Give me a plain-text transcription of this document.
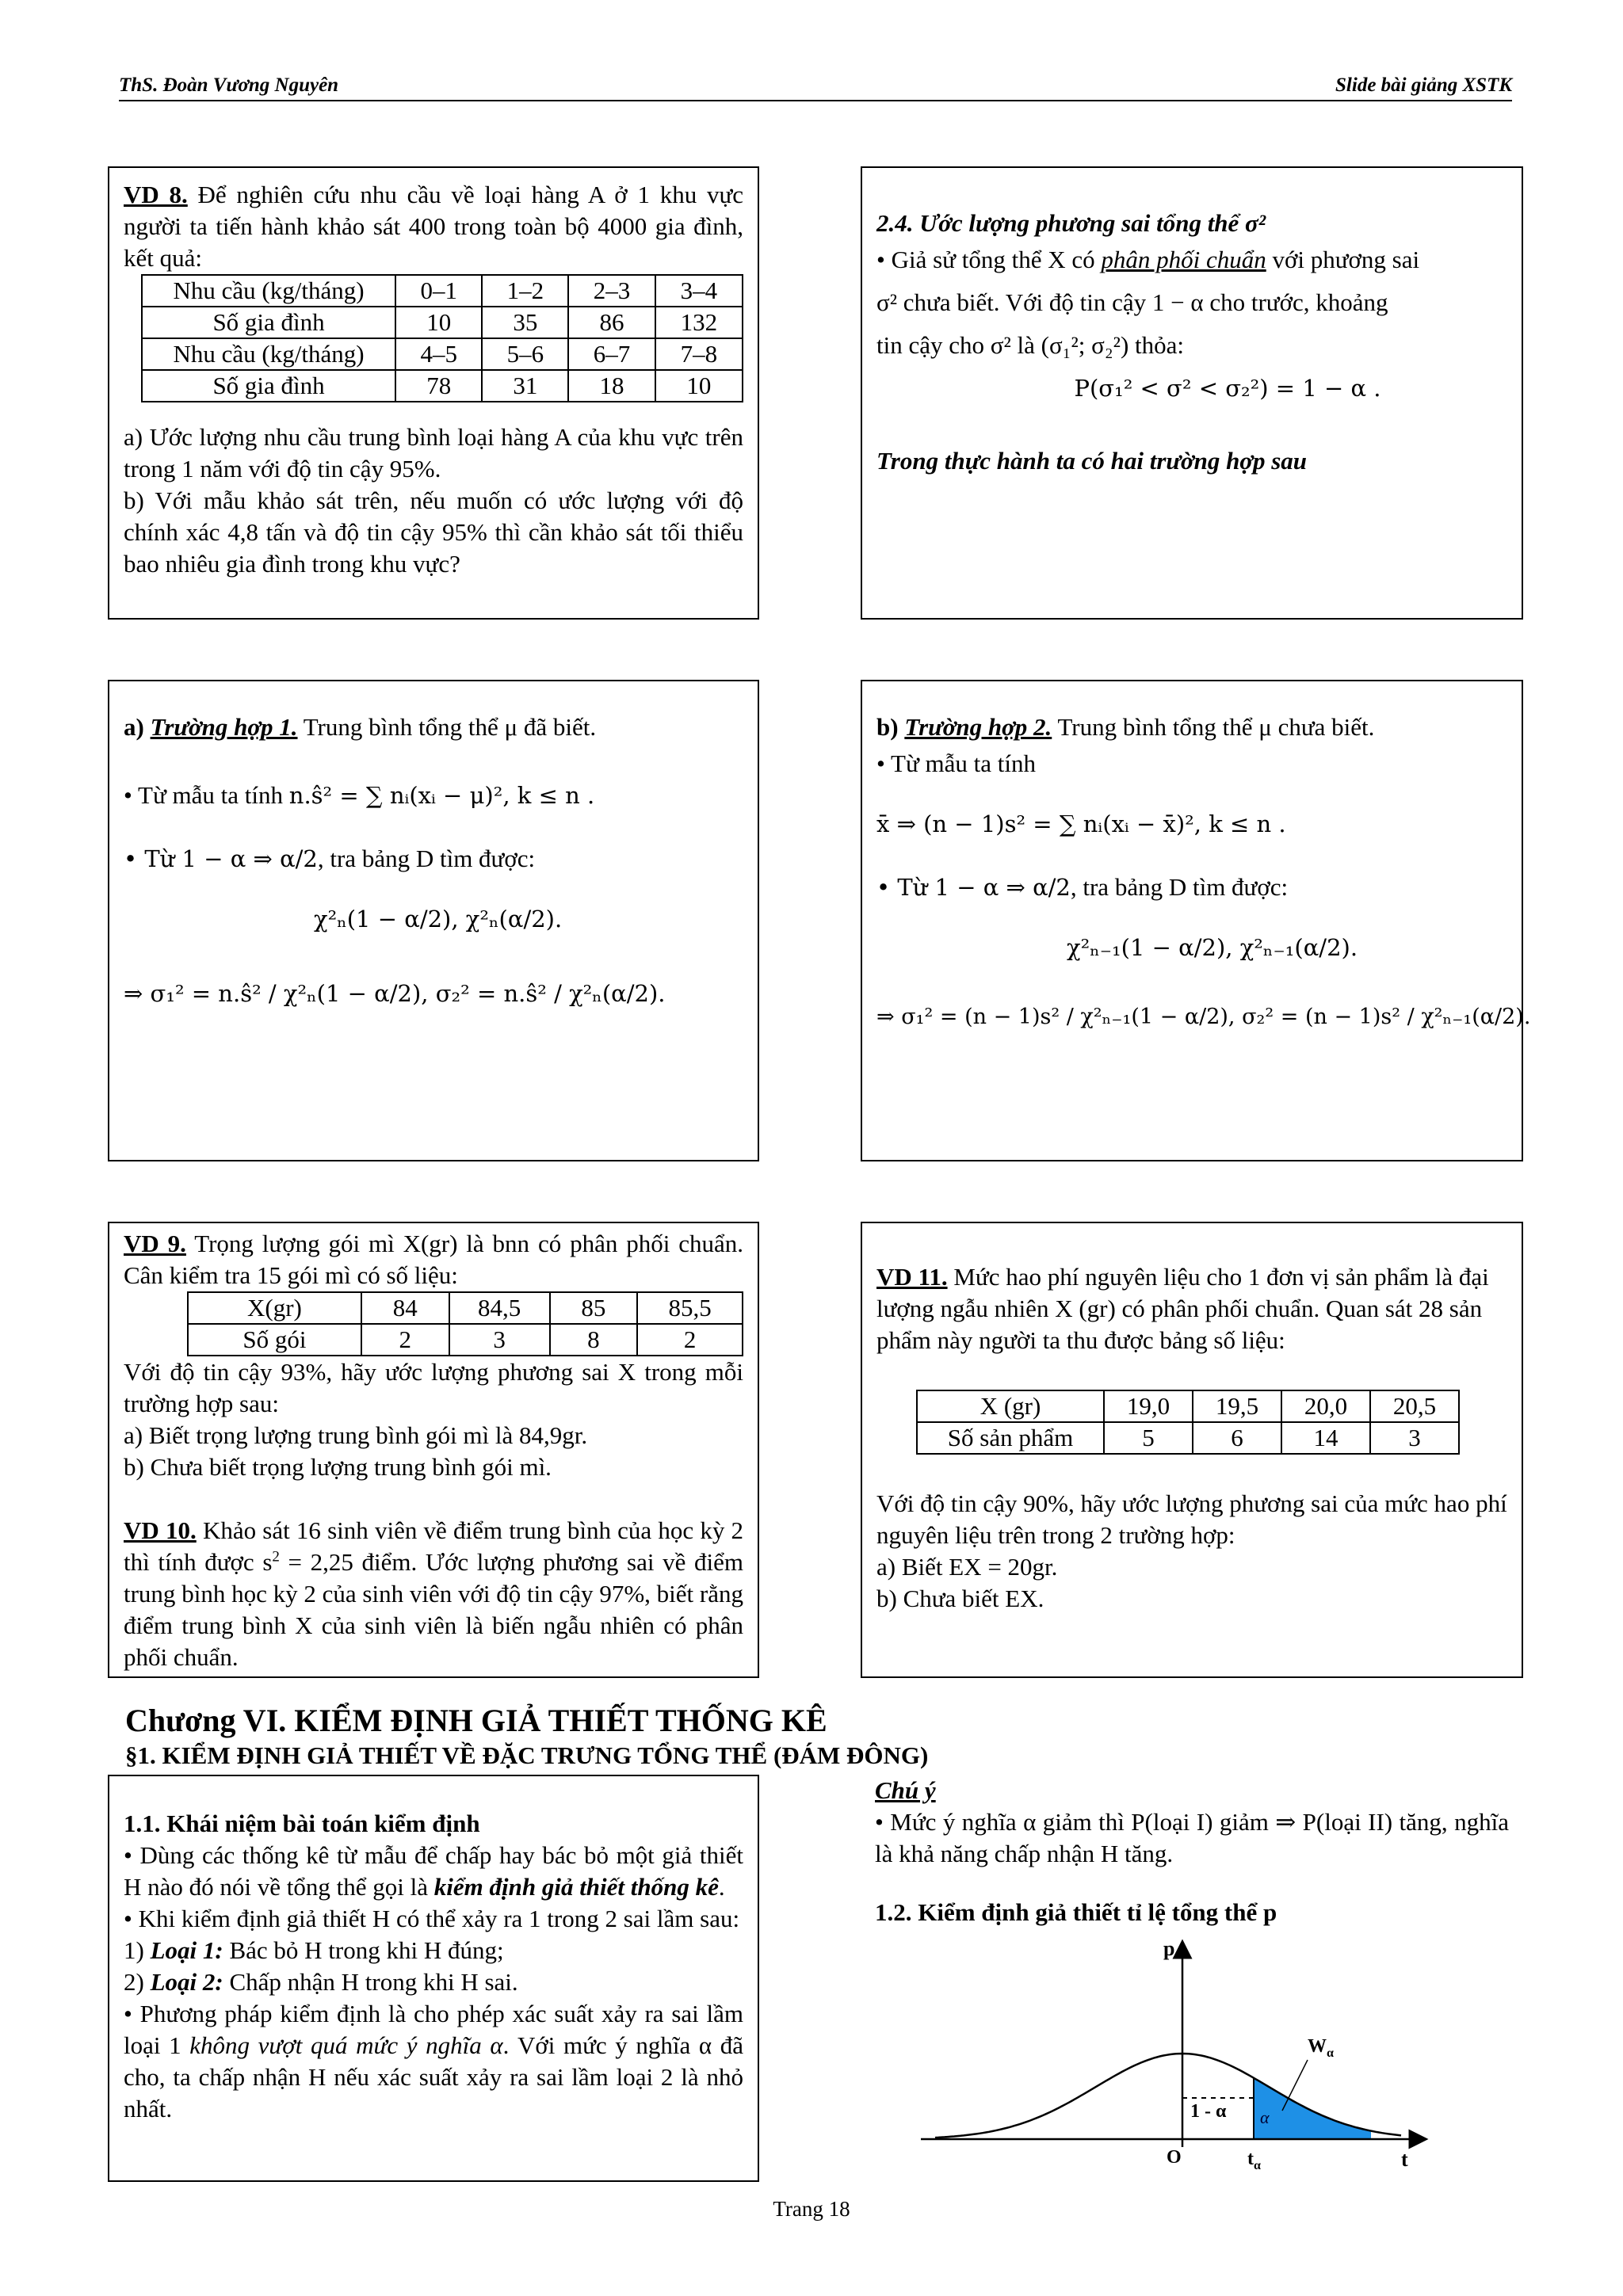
ThS. Đoàn Vương Nguyên	Slide bài giảng XSTK
VD 8. Để nghiên cứu nhu cầu về loại hàng A ở 1 khu vực người ta tiến hành khảo sát 400 trong toàn bộ 4000 gia đình, kết quả:
Nhu cầu (kg/tháng)	0–1	1–2	2–3	3–4
Số gia đình	10	35	86	132
Nhu cầu (kg/tháng)	4–5	5–6	6–7	7–8
Số gia đình	78	31	18	10
a) Ước lượng nhu cầu trung bình loại hàng A của khu vực trên trong 1 năm với độ tin cậy 95%.
b) Với mẫu khảo sát trên, nếu muốn có ước lượng với độ chính xác 4,8 tấn và độ tin cậy 95% thì cần khảo sát tối thiểu bao nhiêu gia đình trong khu vực?
2.4. Ước lượng phương sai tổng thể σ²
• Giả sử tổng thể X có phân phối chuẩn với phương sai
σ² chưa biết. Với độ tin cậy 1 − α cho trước, khoảng
tin cậy cho σ² là (σ₁²; σ₂²) thỏa:
P(σ₁² < σ² < σ₂²) = 1 − α .
Trong thực hành ta có hai trường hợp sau
a) Trường hợp 1. Trung bình tổng thể μ đã biết.
• Từ mẫu ta tính n.ŝ² = ∑ nᵢ(xᵢ − μ)², k ≤ n .
• Từ 1 − α ⇒ α/2, tra bảng D tìm được:
χ²ₙ(1 − α/2), χ²ₙ(α/2).
⇒ σ₁² = n.ŝ² / χ²ₙ(1 − α/2), σ₂² = n.ŝ² / χ²ₙ(α/2).
b) Trường hợp 2. Trung bình tổng thể μ chưa biết.
• Từ mẫu ta tính
x̄ ⇒ (n − 1)s² = ∑ nᵢ(xᵢ − x̄)², k ≤ n .
• Từ 1 − α ⇒ α/2, tra bảng D tìm được:
χ²ₙ₋₁(1 − α/2), χ²ₙ₋₁(α/2).
⇒ σ₁² = (n − 1)s² / χ²ₙ₋₁(1 − α/2), σ₂² = (n − 1)s² / χ²ₙ₋₁(α/2).
VD 9. Trọng lượng gói mì X(gr) là bnn có phân phối chuẩn. Cân kiểm tra 15 gói mì có số liệu:
X(gr)	84	84,5	85	85,5
Số gói	2	3	8	2
Với độ tin cậy 93%, hãy ước lượng phương sai X trong mỗi trường hợp sau:
a) Biết trọng lượng trung bình gói mì là 84,9gr.
b) Chưa biết trọng lượng trung bình gói mì.
VD 10. Khảo sát 16 sinh viên về điểm trung bình của học kỳ 2 thì tính được $s^2 = 2,25$ điểm. Ước lượng phương sai về điểm trung bình học kỳ 2 của sinh viên với độ tin cậy 97%, biết rằng điểm trung bình X của sinh viên là biến ngẫu nhiên có phân phối chuẩn.
VD 11. Mức hao phí nguyên liệu cho 1 đơn vị sản phẩm là đại lượng ngẫu nhiên X (gr) có phân phối chuẩn. Quan sát 28 sản phẩm này người ta thu được bảng số liệu:
X (gr)	19,0	19,5	20,0	20,5
Số sản phẩm	5	6	14	3
Với độ tin cậy 90%, hãy ước lượng phương sai của mức hao phí nguyên liệu trên trong 2 trường hợp:
a) Biết EX = 20gr.
b) Chưa biết EX.
Chương VI. KIỂM ĐỊNH GIẢ THIẾT THỐNG KÊ
§1. KIỂM ĐỊNH GIẢ THIẾT VỀ ĐẶC TRƯNG TỔNG THỂ (ĐÁM ĐÔNG)
1.1. Khái niệm bài toán kiểm định
• Dùng các thống kê từ mẫu để chấp hay bác bỏ một giả thiết H nào đó nói về tổng thể gọi là kiểm định giả thiết thống kê.
• Khi kiểm định giả thiết H có thể xảy ra 1 trong 2 sai lầm sau:
1) Loại 1: Bác bỏ H trong khi H đúng;
2) Loại 2: Chấp nhận H trong khi H sai.
• Phương pháp kiểm định là cho phép xác suất xảy ra sai lầm loại 1 không vượt quá mức ý nghĩa α. Với mức ý nghĩa α đã cho, ta chấp nhận H nếu xác suất xảy ra sai lầm loại 2 là nhỏ nhất.
Chú ý
• Mức ý nghĩa α giảm thì P(loại I) giảm ⇒ P(loại II) tăng, nghĩa là khả năng chấp nhận H tăng.
1.2. Kiểm định giả thiết tỉ lệ tổng thể p
p
t
O
1 - α
$W_\alpha$
α
$t_\alpha$
Trang 18
